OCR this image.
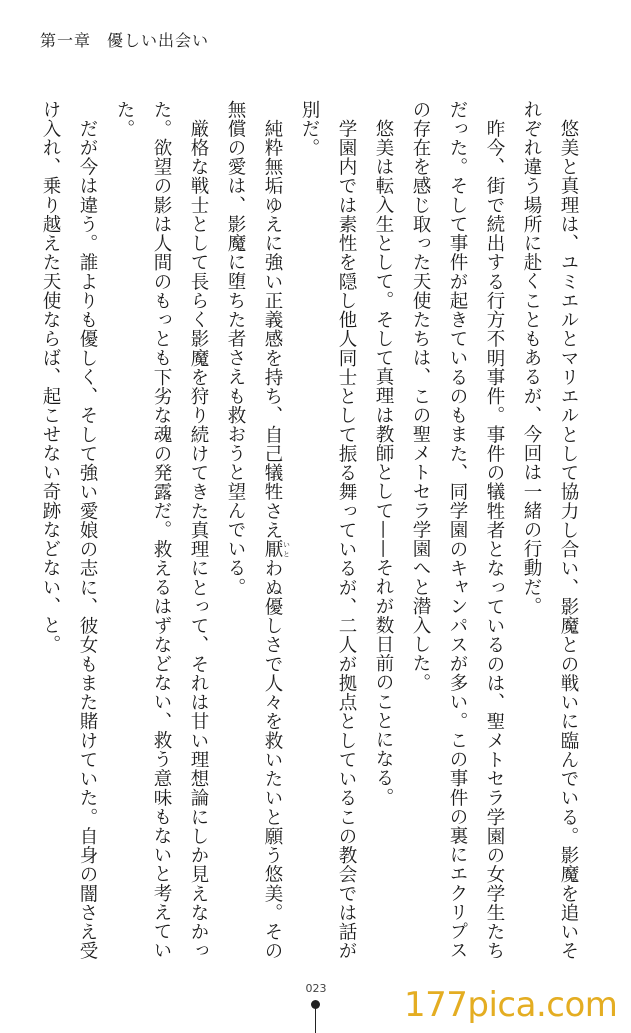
第一章 優しい出会い

悠美と真理は、ユミエルとマリエルとして協力し合い、影魔との戦いに臨んでいる。影魔を追いそれぞれ違う場所に赴くこともあるが、今回は一緒の行動だ。

昨今、街で続出する行方不明事件。事件の犠牲者となっているのは、聖メトセラ学園の女学生たちだった。そして事件が起きているのもまた、同学園のキャンパスが多い。この事件の裏にエクリプスの存在を感じ取った天使たちは、この聖メトセラ学園へと潜入した。

悠美は転入生として。そして真理は教師として——それが数日前のことになる。

学園内では素性を隠し他人同士として振る舞っているが、二人が拠点としているこの教会では話が別だ。

純粋無垢ゆえに強い正義感を持ち、自己犠牲さえ厭 いとわぬ優しさで人々を救いたいと願う悠美。その無償の愛は、影魔に堕ちた者さえも救おうと望んでいる。

厳格な戦士として長らく影魔を狩り続けてきた真理にとって、それは甘い理想論にしか見えなかった。欲望の影は人間のもっとも下劣な魂の発露だ。救えるはずなどない、救う意味もないと考えていた。

だが今は違う。誰よりも優しく、そして強い愛娘の志に、彼女もまた賭けていた。自身の闇さえ受け入れ、乗り越えた天使ならば、起こせない奇跡などない、と。

023 177pica.com
